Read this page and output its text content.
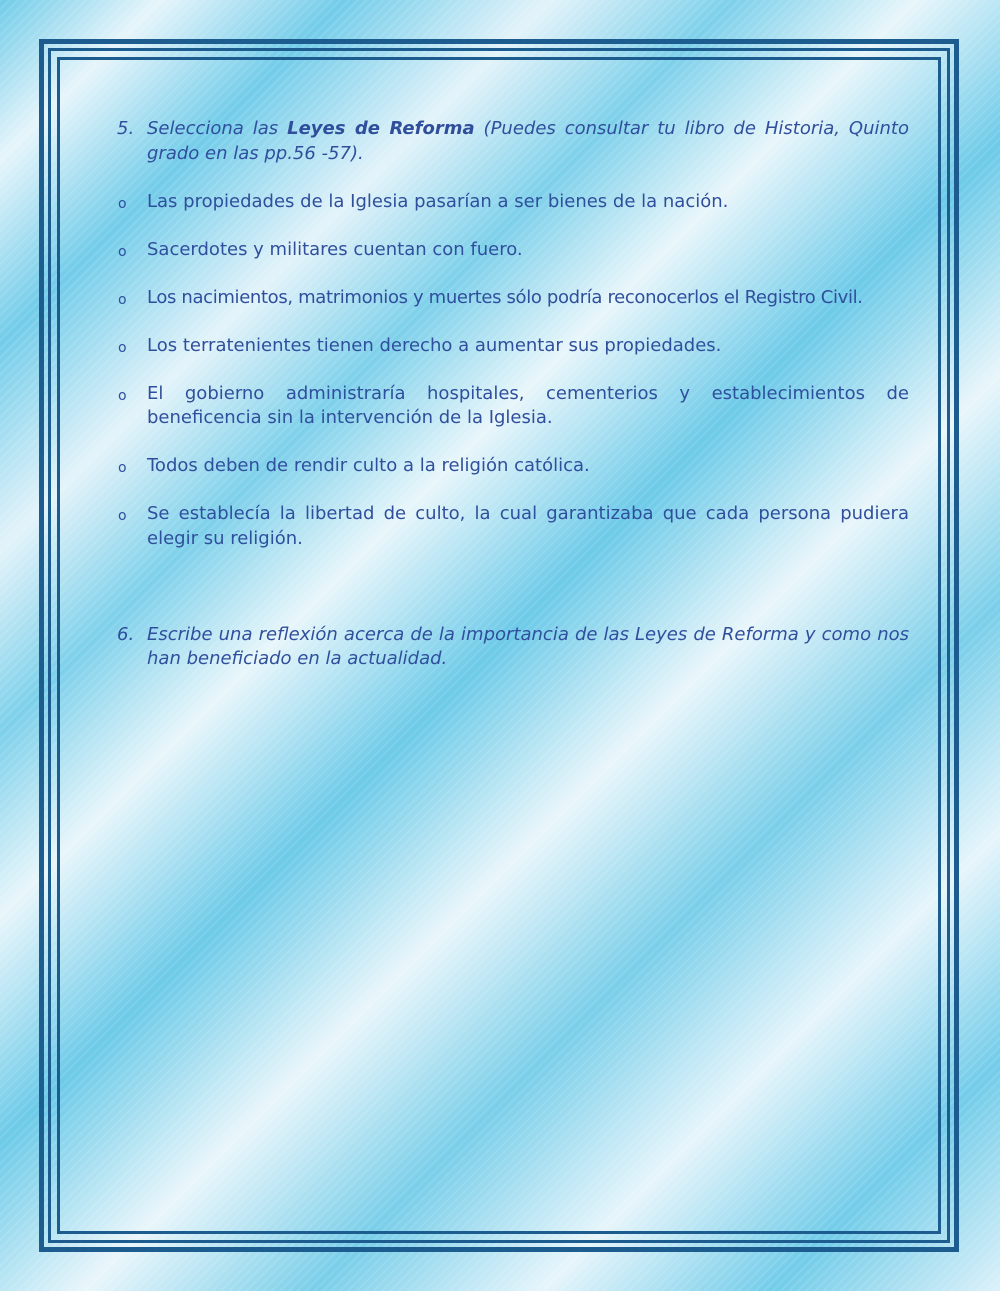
5. Selecciona las Leyes de Reforma (Puedes consultar tu libro de Historia, Quinto grado en las pp.56 -57).
o Las propiedades de la Iglesia pasarían a ser bienes de la nación.
o Sacerdotes y militares cuentan con fuero.
o Los nacimientos, matrimonios y muertes sólo podría reconocerlos el Registro Civil.
o Los terratenientes tienen derecho a aumentar sus propiedades.
o El gobierno administraría hospitales, cementerios y establecimientos de beneficencia sin la intervención de la Iglesia.
o Todos deben de rendir culto a la religión católica.
o Se establecía la libertad de culto, la cual garantizaba que cada persona pudiera elegir su religión.
6. Escribe una reflexión acerca de la importancia de las Leyes de Reforma y como nos han beneficiado en la actualidad.
